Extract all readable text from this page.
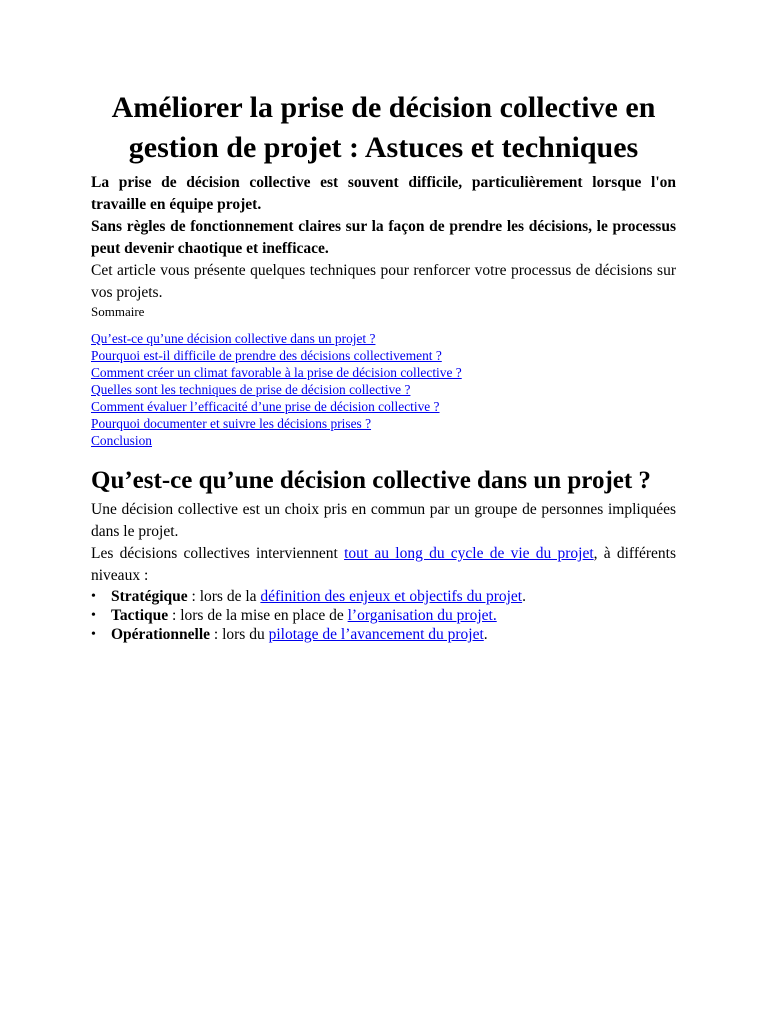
Améliorer la prise de décision collective en gestion de projet : Astuces et techniques

La prise de décision collective est souvent difficile, particulièrement lorsque l'on travaille en équipe projet.

Sans règles de fonctionnement claires sur la façon de prendre les décisions, le processus peut devenir chaotique et inefficace.

Cet article vous présente quelques techniques pour renforcer votre processus de décisions sur vos projets.

Sommaire
Qu’est-ce qu’une décision collective dans un projet ?
Pourquoi est-il difficile de prendre des décisions collectivement ?
Comment créer un climat favorable à la prise de décision collective ?
Quelles sont les techniques de prise de décision collective ?
Comment évaluer l’efficacité d’une prise de décision collective ?
Pourquoi documenter et suivre les décisions prises ?
Conclusion
Qu’est-ce qu’une décision collective dans un projet ?

Une décision collective est un choix pris en commun par un groupe de personnes impliquées dans le projet.

Les décisions collectives interviennent tout au long du cycle de vie du projet, à différents niveaux :

• Stratégique : lors de la définition des enjeux et objectifs du projet.
• Tactique : lors de la mise en place de l’organisation du projet.
• Opérationnelle : lors du pilotage de l’avancement du projet.
